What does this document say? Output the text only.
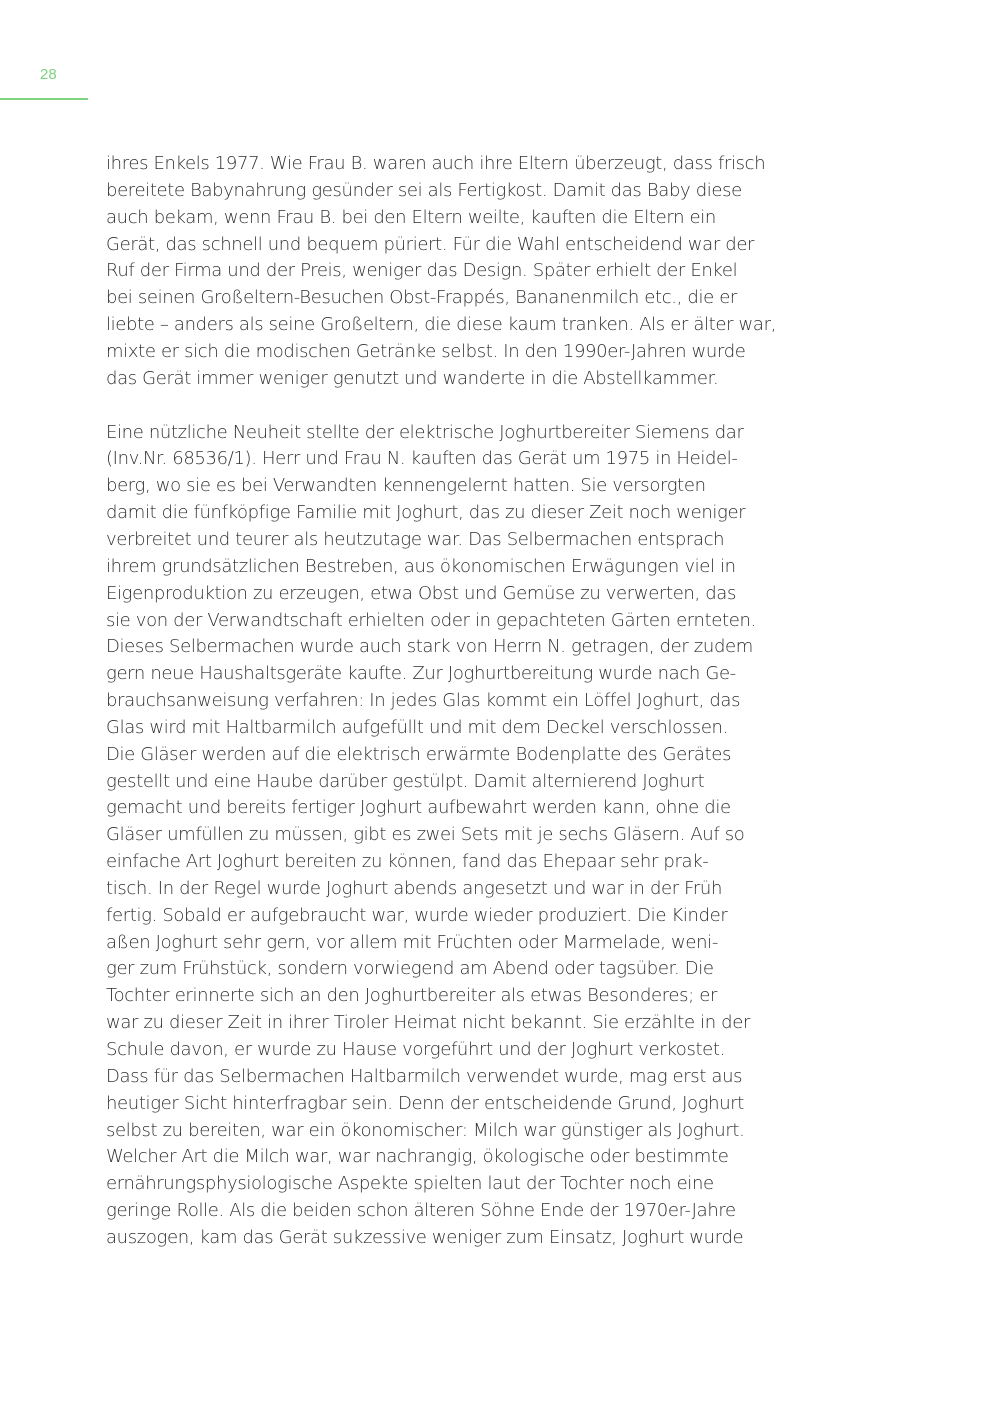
28
ihres Enkels 1977. Wie Frau B. waren auch ihre Eltern überzeugt, dass frisch
bereitete Babynahrung gesünder sei als Fertigkost. Damit das Baby diese
auch bekam, wenn Frau B. bei den Eltern weilte, kauften die Eltern ein
Gerät, das schnell und bequem püriert. Für die Wahl entscheidend war der
Ruf der Firma und der Preis, weniger das Design. Später erhielt der Enkel
bei seinen Großeltern-Besuchen Obst-Frappés, Bananenmilch etc., die er
liebte – anders als seine Großeltern, die diese kaum tranken. Als er älter war,
mixte er sich die modischen Getränke selbst. In den 1990er-Jahren wurde
das Gerät immer weniger genutzt und wanderte in die Abstellkammer.
Eine nützliche Neuheit stellte der elektrische Joghurtbereiter Siemens dar
(Inv.Nr. 68536/1). Herr und Frau N. kauften das Gerät um 1975 in Heidel-
berg, wo sie es bei Verwandten kennengelernt hatten. Sie versorgten
damit die fünfköpfige Familie mit Joghurt, das zu dieser Zeit noch weniger
verbreitet und teurer als heutzutage war. Das Selbermachen entsprach
ihrem grundsätzlichen Bestreben, aus ökonomischen Erwägungen viel in
Eigenproduktion zu erzeugen, etwa Obst und Gemüse zu verwerten, das
sie von der Verwandtschaft erhielten oder in gepachteten Gärten ernteten.
Dieses Selbermachen wurde auch stark von Herrn N. getragen, der zudem
gern neue Haushaltsgeräte kaufte. Zur Joghurtbereitung wurde nach Ge-
brauchsanweisung verfahren: In jedes Glas kommt ein Löffel Joghurt, das
Glas wird mit Haltbarmilch aufgefüllt und mit dem Deckel verschlossen.
Die Gläser werden auf die elektrisch erwärmte Bodenplatte des Gerätes
gestellt und eine Haube darüber gestülpt. Damit alternierend Joghurt
gemacht und bereits fertiger Joghurt aufbewahrt werden kann, ohne die
Gläser umfüllen zu müssen, gibt es zwei Sets mit je sechs Gläsern. Auf so
einfache Art Joghurt bereiten zu können, fand das Ehepaar sehr prak-
tisch. In der Regel wurde Joghurt abends angesetzt und war in der Früh
fertig. Sobald er aufgebraucht war, wurde wieder produziert. Die Kinder
aßen Joghurt sehr gern, vor allem mit Früchten oder Marmelade, weni-
ger zum Frühstück, sondern vorwiegend am Abend oder tagsüber. Die
Tochter erinnerte sich an den Joghurtbereiter als etwas Besonderes; er
war zu dieser Zeit in ihrer Tiroler Heimat nicht bekannt. Sie erzählte in der
Schule davon, er wurde zu Hause vorgeführt und der Joghurt verkostet.
Dass für das Selbermachen Haltbarmilch verwendet wurde, mag erst aus
heutiger Sicht hinterfragbar sein. Denn der entscheidende Grund, Joghurt
selbst zu bereiten, war ein ökonomischer: Milch war günstiger als Joghurt.
Welcher Art die Milch war, war nachrangig, ökologische oder bestimmte
ernährungsphysiologische Aspekte spielten laut der Tochter noch eine
geringe Rolle. Als die beiden schon älteren Söhne Ende der 1970er-Jahre
auszogen, kam das Gerät sukzessive weniger zum Einsatz, Joghurt wurde
